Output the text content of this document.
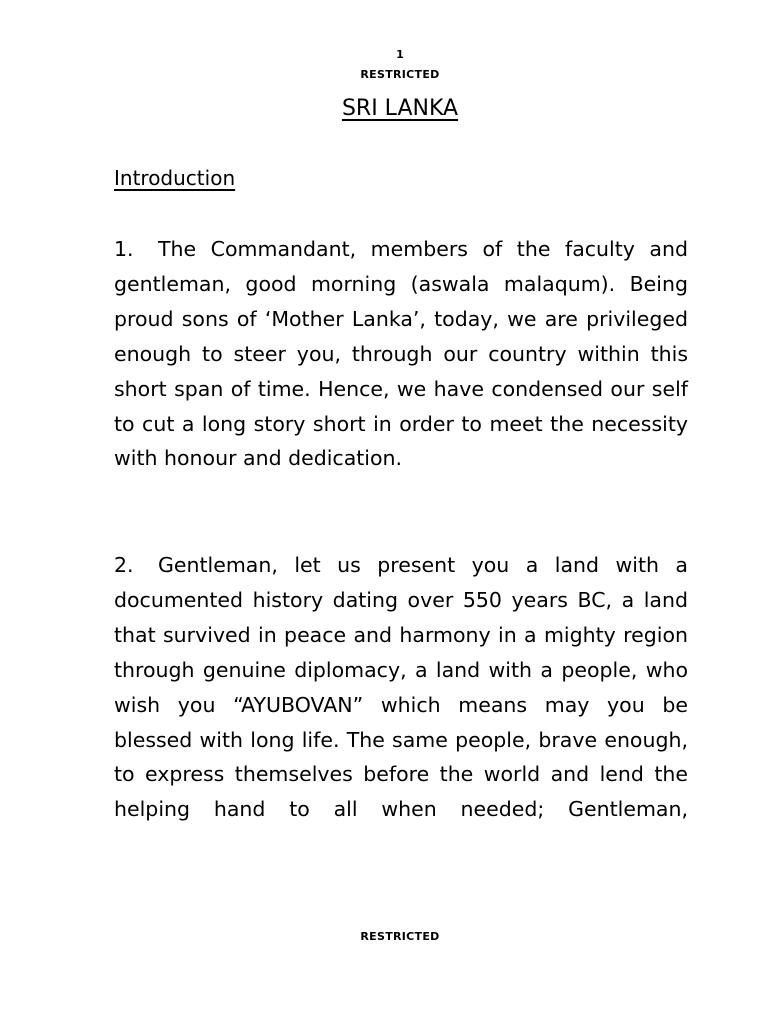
1
RESTRICTED
SRI LANKA
Introduction

1. The Commandant, members of the faculty and gentleman, good morning (aswala malaqum). Being proud sons of ‘Mother Lanka’, today, we are privileged enough to steer you, through our country within this short span of time. Hence, we have condensed our self to cut a long story short in order to meet the necessity with honour and dedication.

2. Gentleman, let us present you a land with a documented history dating over 550 years BC, a land that survived in peace and harmony in a mighty region through genuine diplomacy, a land with a people, who wish you “AYUBOVAN” which means may you be blessed with long life. The same people, brave enough, to express themselves before the world and lend the helping hand to all when needed; Gentleman,

RESTRICTED
